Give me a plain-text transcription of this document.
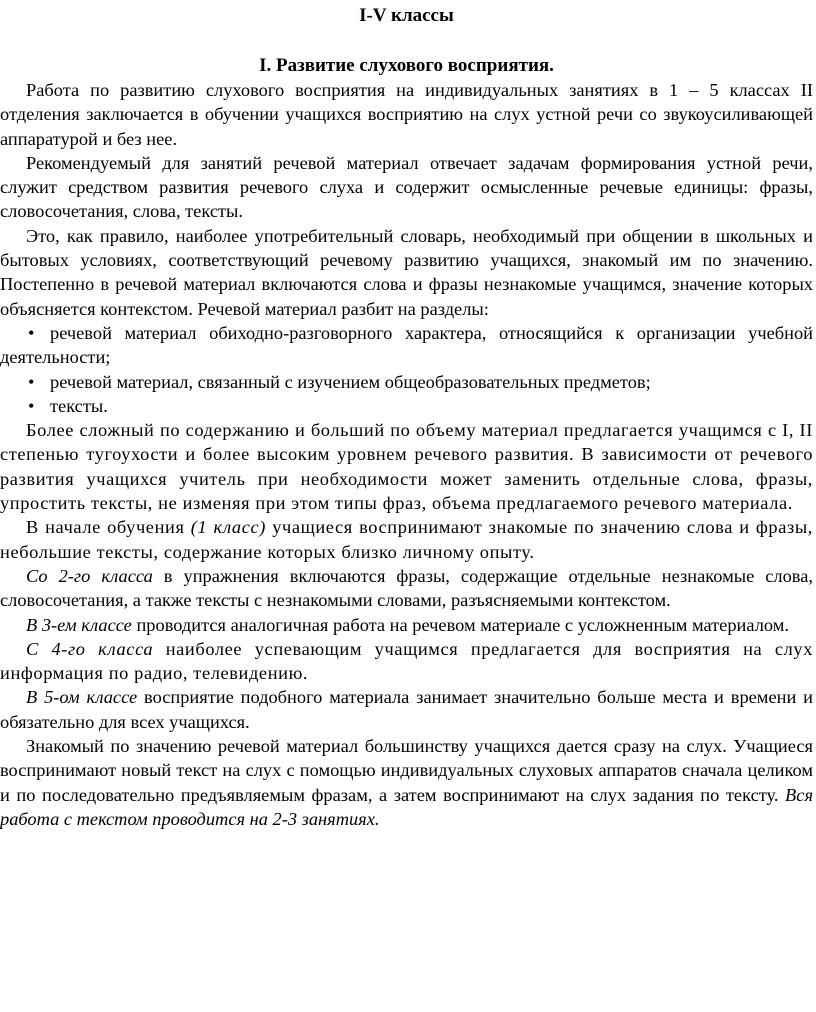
I-V классы
I. Развитие слухового восприятия.

Работа по развитию слухового восприятия на индивидуальных занятиях в 1 – 5 классах II отделения заключается в обучении учащихся восприятию на слух устной речи со звукоусиливающей аппаратурой и без нее.

Рекомендуемый для занятий речевой материал отвечает задачам формирования устной речи, служит средством развития речевого слуха и содержит осмысленные речевые единицы: фразы, словосочетания, слова, тексты.

Это, как правило, наиболее употребительный словарь, необходимый при общении в школьных и бытовых условиях, соответствующий речевому развитию учащихся, знакомый им по значению. Постепенно в речевой материал включаются слова и фразы незнакомые учащимся, значение которых объясняется контекстом. Речевой материал разбит на разделы:

• речевой материал обиходно-разговорного характера, относящийся к организации учебной деятельности;
• речевой материал, связанный с изучением общеобразовательных предметов;
• тексты.

Более сложный по содержанию и больший по объему материал предлагается учащимся с I, II степенью тугоухости и более высоким уровнем речевого развития. В зависимости от речевого развития учащихся учитель при необходимости может заменить отдельные слова, фразы, упростить тексты, не изменяя при этом типы фраз, объема предлагаемого речевого материала.

В начале обучения (1 класс) учащиеся воспринимают знакомые по значению слова и фразы, небольшие тексты, содержание которых близко личному опыту.

Со 2-го класса в упражнения включаются фразы, содержащие отдельные незнакомые слова, словосочетания, а также тексты с незнакомыми словами, разъясняемыми контекстом.

В 3-ем классе проводится аналогичная работа на речевом материале с усложненным материалом.

С 4-го класса наиболее успевающим учащимся предлагается для восприятия на слух информация по радио, телевидению.

В 5-ом классе восприятие подобного материала занимает значительно больше места и времени и обязательно для всех учащихся.

Знакомый по значению речевой материал большинству учащихся дается сразу на слух. Учащиеся воспринимают новый текст на слух с помощью индивидуальных слуховых аппаратов сначала целиком и по последовательно предъявляемым фразам, а затем воспринимают на слух задания по тексту. Вся работа с текстом проводится на 2-3 занятиях.
